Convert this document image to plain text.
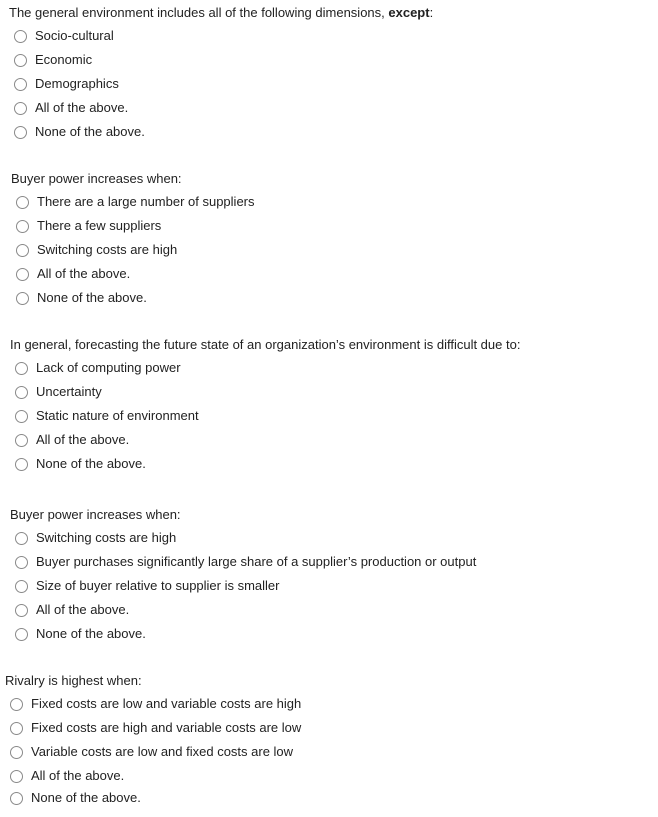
The general environment includes all of the following dimensions, except:
Socio-cultural
Economic
Demographics
All of the above.
None of the above.
Buyer power increases when:
There are a large number of suppliers
There a few suppliers
Switching costs are high
All of the above.
None of the above.
In general, forecasting the future state of an organization’s environment is difficult due to:
Lack of computing power
Uncertainty
Static nature of environment
All of the above.
None of the above.
Buyer power increases when:
Switching costs are high
Buyer purchases significantly large share of a supplier’s production or output
Size of buyer relative to supplier is smaller
All of the above.
None of the above.
Rivalry is highest when:
Fixed costs are low and variable costs are high
Fixed costs are high and variable costs are low
Variable costs are low and fixed costs are low
All of the above.
None of the above.
